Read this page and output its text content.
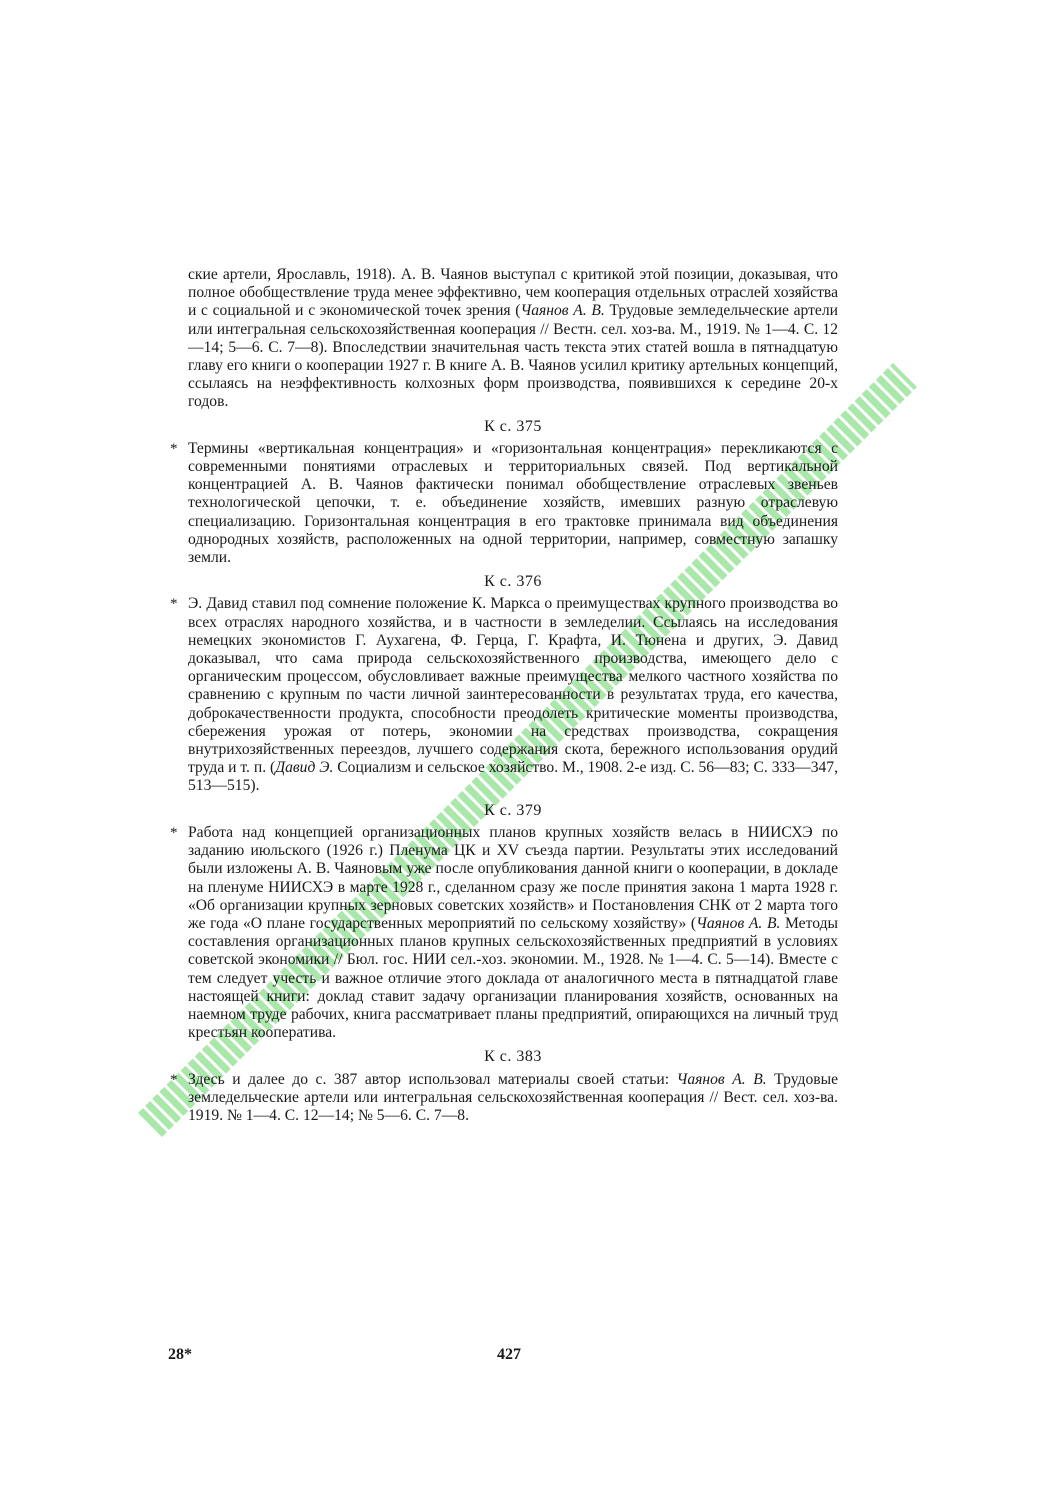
ские артели, Ярославль, 1918). А. В. Чаянов выступал с критикой этой позиции, доказывая, что полное обобществление труда менее эффективно, чем кооперация отдельных отраслей хозяйства и с социальной и с экономической точек зрения (Чаянов А. В. Трудовые земледельческие артели или интегральная сельскохозяйственная кооперация // Вестн. сел. хоз-ва. М., 1919. № 1—4. С. 12—14; 5—6. С. 7—8). Впоследствии значительная часть текста этих статей вошла в пятнадцатую главу его книги о кооперации 1927 г. В книге А. В. Чаянов усилил критику артельных концепций, ссылаясь на неэффективность колхозных форм производства, появившихся к середине 20-х годов.

К с. 375

* Термины «вертикальная концентрация» и «горизонтальная концентрация» перекликаются с современными понятиями отраслевых и территориальных связей. Под вертикальной концентрацией А. В. Чаянов фактически понимал обобществление отраслевых звеньев технологической цепочки, т. е. объединение хозяйств, имевших разную отраслевую специализацию. Горизонтальная концентрация в его трактовке принимала вид объединения однородных хозяйств, расположенных на одной территории, например, совместную запашку земли.

К с. 376

* Э. Давид ставил под сомнение положение К. Маркса о преимуществах крупного производства во всех отраслях народного хозяйства, и в частности в земледелии. Ссылаясь на исследования немецких экономистов Г. Аухагена, Ф. Герца, Г. Крафта, И. Тюнена и других, Э. Давид доказывал, что сама природа сельскохозяйственного производства, имеющего дело с органическим процессом, обусловливает важные преимущества мелкого частного хозяйства по сравнению с крупным по части личной заинтересованности в результатах труда, его качества, доброкачественности продукта, способности преодолеть критические моменты производства, сбережения урожая от потерь, экономии на средствах производства, сокращения внутрихозяйственных переездов, лучшего содержания скота, бережного использования орудий труда и т. п. (Давид Э. Социализм и сельское хозяйство. М., 1908. 2-е изд. С. 56—83; С. 333—347, 513—515).

К с. 379

* Работа над концепцией организационных планов крупных хозяйств велась в НИИСХЭ по заданию июльского (1926 г.) Пленума ЦК и XV съезда партии. Результаты этих исследований были изложены А. В. Чаяновым уже после опубликования данной книги о кооперации, в докладе на пленуме НИИСХЭ в марте 1928 г., сделанном сразу же после принятия закона 1 марта 1928 г. «Об организации крупных зерновых советских хозяйств» и Постановления СНК от 2 марта того же года «О плане государственных мероприятий по сельскому хозяйству» (Чаянов А. В. Методы составления организационных планов крупных сельскохозяйственных предприятий в условиях советской экономики // Бюл. гос. НИИ сел.-хоз. экономии. М., 1928. № 1—4. С. 5—14). Вместе с тем следует учесть и важное отличие этого доклада от аналогичного места в пятнадцатой главе настоящей книги: доклад ставит задачу организации планирования хозяйств, основанных на наемном труде рабочих, книга рассматривает планы предприятий, опирающихся на личный труд крестьян кооператива.

К с. 383

* Здесь и далее до с. 387 автор использовал материалы своей статьи: Чаянов А. В. Трудовые земледельческие артели или интегральная сельскохозяйственная кооперация // Вест. сел. хоз-ва. 1919. № 1—4. С. 12—14; № 5—6. С. 7—8.

28*	427
